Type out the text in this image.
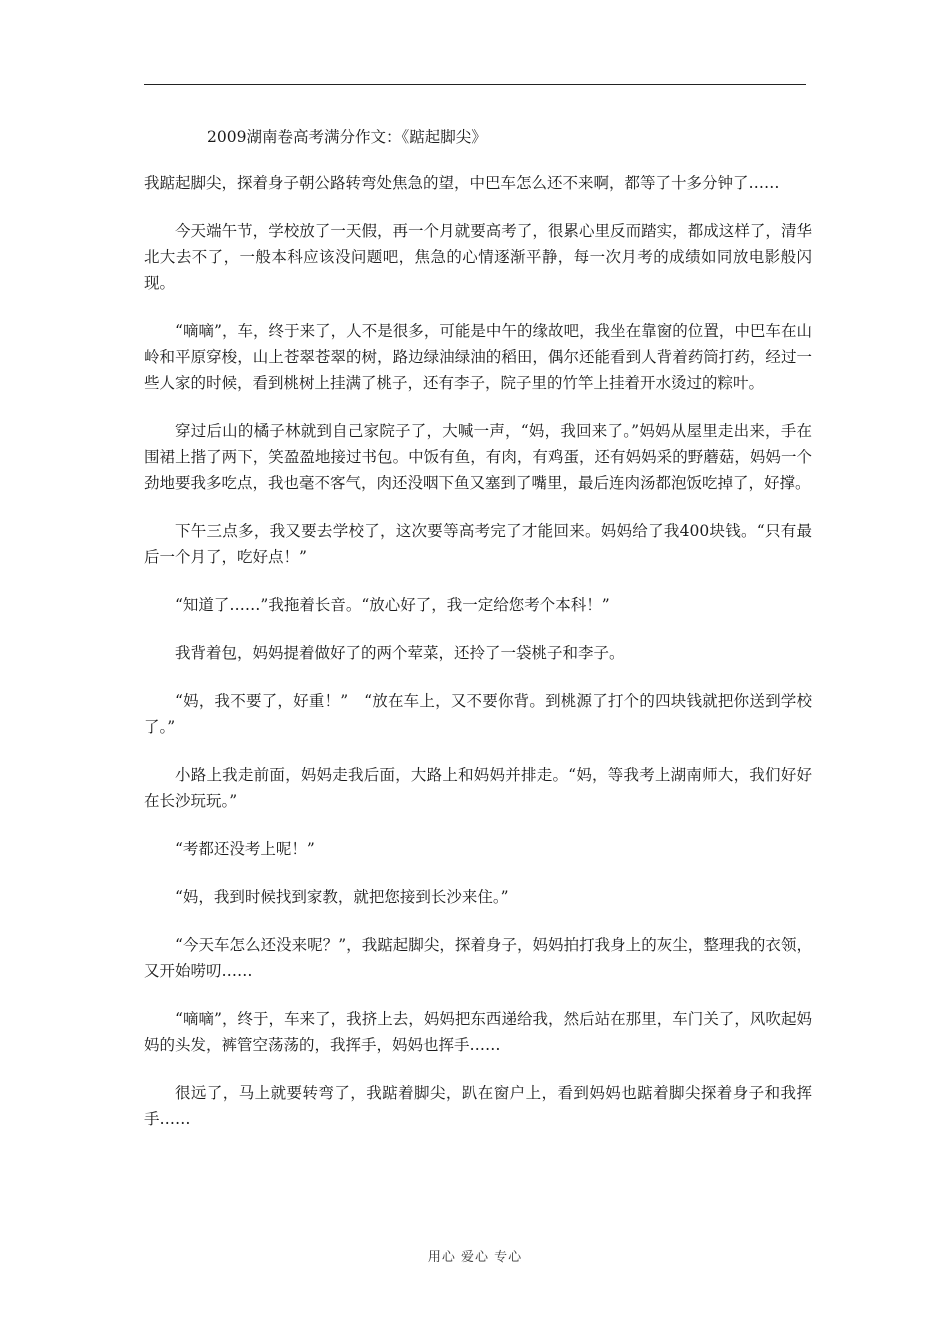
2009湖南卷高考满分作文：《踮起脚尖》

我踮起脚尖，探着身子朝公路转弯处焦急的望，中巴车怎么还不来啊，都等了十多分钟了……

今天端午节，学校放了一天假，再一个月就要高考了，很累心里反而踏实，都成这样了，清华北大去不了，一般本科应该没问题吧，焦急的心情逐渐平静，每一次月考的成绩如同放电影般闪现。

“嘀嘀”，车，终于来了，人不是很多，可能是中午的缘故吧，我坐在靠窗的位置，中巴车在山岭和平原穿梭，山上苍翠苍翠的树，路边绿油绿油的稻田，偶尔还能看到人背着药筒打药，经过一些人家的时候，看到桃树上挂满了桃子，还有李子，院子里的竹竿上挂着开水烫过的粽叶。

穿过后山的橘子林就到自己家院子了，大喊一声，“妈，我回来了。”妈妈从屋里走出来，手在围裙上揩了两下，笑盈盈地接过书包。中饭有鱼，有肉，有鸡蛋，还有妈妈采的野蘑菇，妈妈一个劲地要我多吃点，我也毫不客气，肉还没咽下鱼又塞到了嘴里，最后连肉汤都泡饭吃掉了，好撑。

下午三点多，我又要去学校了，这次要等高考完了才能回来。妈妈给了我400块钱。“只有最后一个月了，吃好点！”

“知道了……”我拖着长音。“放心好了，我一定给您考个本科！”

我背着包，妈妈提着做好了的两个荤菜，还拎了一袋桃子和李子。

“妈，我不要了，好重！”　“放在车上，又不要你背。到桃源了打个的四块钱就把你送到学校了。”

小路上我走前面，妈妈走我后面，大路上和妈妈并排走。“妈，等我考上湖南师大，我们好好在长沙玩玩。”

“考都还没考上呢！”

“妈，我到时候找到家教，就把您接到长沙来住。”

“今天车怎么还没来呢？”，我踮起脚尖，探着身子，妈妈拍打我身上的灰尘，整理我的衣领，又开始唠叨……

“嘀嘀”，终于，车来了，我挤上去，妈妈把东西递给我，然后站在那里，车门关了，风吹起妈妈的头发，裤管空荡荡的，我挥手，妈妈也挥手……

很远了，马上就要转弯了，我踮着脚尖，趴在窗户上，看到妈妈也踮着脚尖探着身子和我挥手……

用心 爱心 专心
